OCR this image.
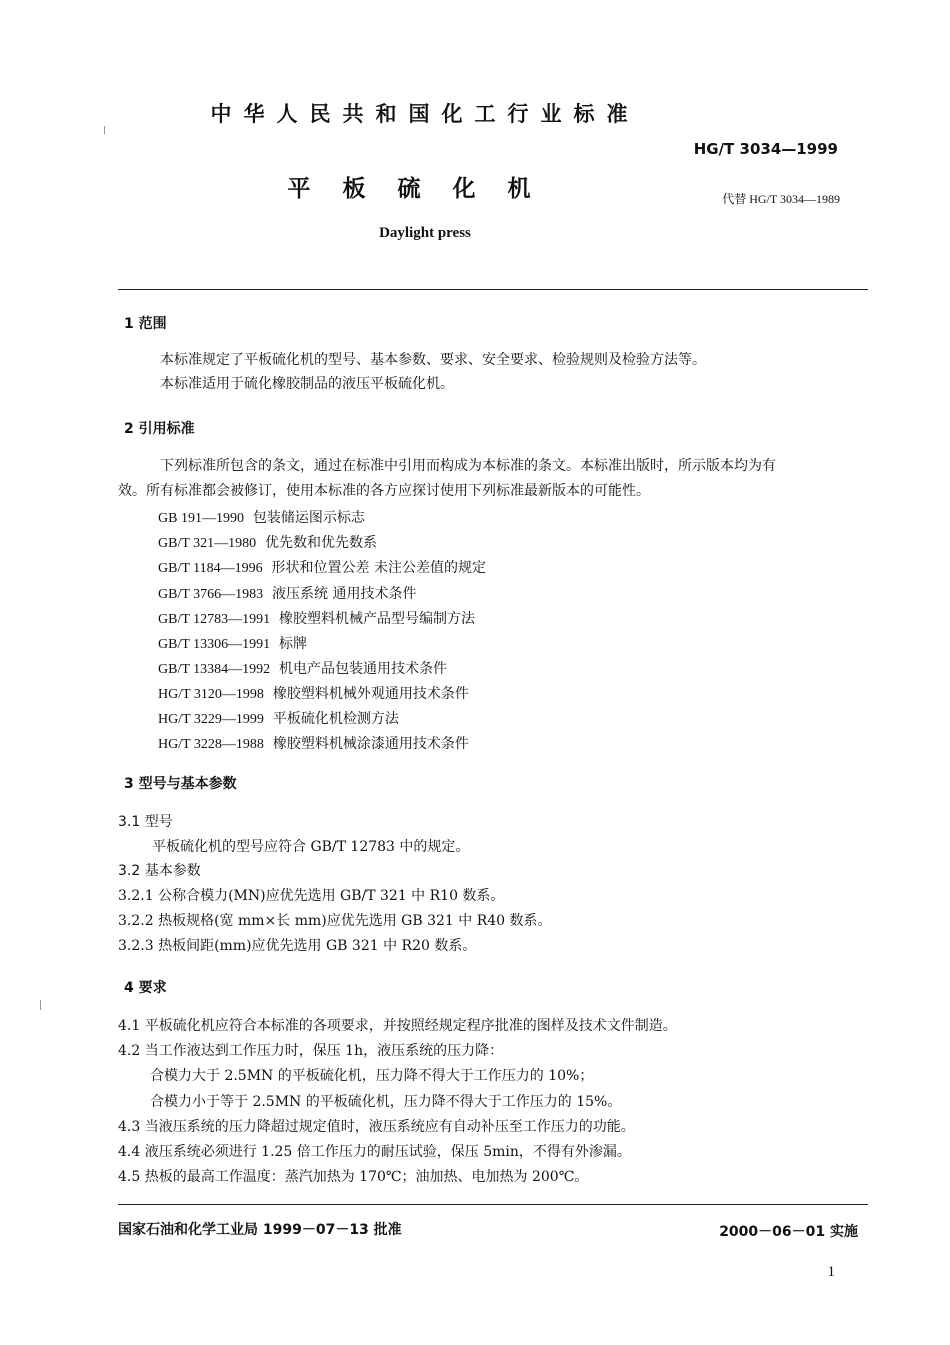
中华人民共和国化工行业标准
HG/T 3034—1999
平板硫化机	代替 HG/T 3034—1989
Daylight press
1 范围
本标准规定了平板硫化机的型号、基本参数、要求、安全要求、检验规则及检验方法等。
本标准适用于硫化橡胶制品的液压平板硫化机。
2 引用标准
下列标准所包含的条文，通过在标准中引用而构成为本标准的条文。本标准出版时，所示版本均为有
效。所有标准都会被修订，使用本标准的各方应探讨使用下列标准最新版本的可能性。
GB 191—1990 包装储运图示标志
GB/T 321—1980 优先数和优先数系
GB/T 1184—1996 形状和位置公差 未注公差值的规定
GB/T 3766—1983 液压系统 通用技术条件
GB/T 12783—1991 橡胶塑料机械产品型号编制方法
GB/T 13306—1991 标牌
GB/T 13384—1992 机电产品包装通用技术条件
HG/T 3120—1998 橡胶塑料机械外观通用技术条件
HG/T 3229—1999 平板硫化机检测方法
HG/T 3228—1988 橡胶塑料机械涂漆通用技术条件
3 型号与基本参数
3.1 型号
平板硫化机的型号应符合 GB/T 12783 中的规定。
3.2 基本参数
3.2.1 公称合模力(MN)应优先选用 GB/T 321 中 R10 数系。
3.2.2 热板规格(宽 mm×长 mm)应优先选用 GB 321 中 R40 数系。
3.2.3 热板间距(mm)应优先选用 GB 321 中 R20 数系。
4 要求
4.1 平板硫化机应符合本标准的各项要求，并按照经规定程序批准的图样及技术文件制造。
4.2 当工作液达到工作压力时，保压 1h，液压系统的压力降：
合模力大于 2.5MN 的平板硫化机，压力降不得大于工作压力的 10%；
合模力小于等于 2.5MN 的平板硫化机，压力降不得大于工作压力的 15%。
4.3 当液压系统的压力降超过规定值时，液压系统应有自动补压至工作压力的功能。
4.4 液压系统必须进行 1.25 倍工作压力的耐压试验，保压 5min，不得有外渗漏。
4.5 热板的最高工作温度：蒸汽加热为 170℃；油加热、电加热为 200℃。
国家石油和化学工业局 1999－07－13 批准	2000－06－01 实施
1
